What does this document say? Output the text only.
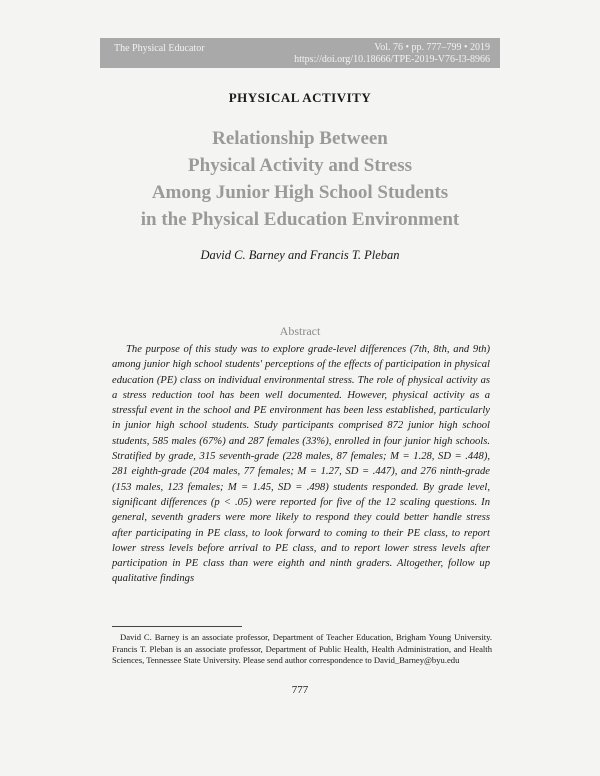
The Physical Educator	Vol. 76 • pp. 777–799 • 2019
https://doi.org/10.18666/TPE-2019-V76-I3-8966
PHYSICAL ACTIVITY
Relationship Between
Physical Activity and Stress
Among Junior High School Students
in the Physical Education Environment
David C. Barney and Francis T. Pleban
Abstract
The purpose of this study was to explore grade-level differences (7th, 8th, and 9th) among junior high school students' perceptions of the effects of participation in physical education (PE) class on individual environmental stress. The role of physical activity as a stress reduction tool has been well documented. However, physical activity as a stressful event in the school and PE environment has been less established, particularly in junior high school students. Study participants comprised 872 junior high school students, 585 males (67%) and 287 females (33%), enrolled in four junior high schools. Stratified by grade, 315 seventh-grade (228 males, 87 females; M = 1.28, SD = .448), 281 eighth-grade (204 males, 77 females; M = 1.27, SD = .447), and 276 ninth-grade (153 males, 123 females; M = 1.45, SD = .498) students responded. By grade level, significant differences (p < .05) were reported for five of the 12 scaling questions. In general, seventh graders were more likely to respond they could better handle stress after participating in PE class, to look forward to coming to their PE class, to report lower stress levels before arrival to PE class, and to report lower stress levels after participation in PE class than were eighth and ninth graders. Altogether, follow up qualitative findings
David C. Barney is an associate professor, Department of Teacher Education, Brigham Young University. Francis T. Pleban is an associate professor, Department of Public Health, Health Administration, and Health Sciences, Tennessee State University. Please send author correspondence to David_Barney@byu.edu
777
